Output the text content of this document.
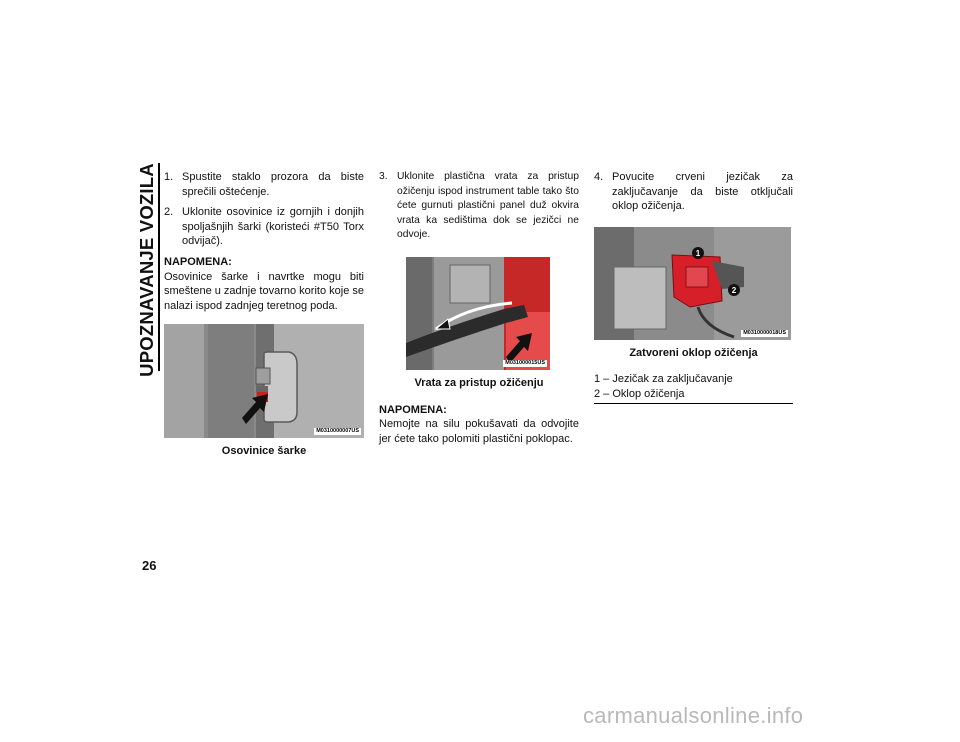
UPOZNAVANJE VOZILA
26
1. Spustite staklo prozora da biste sprečili oštećenje.
2. Uklonite osovinice iz gornjih i donjih spoljašnjih šarki (koristeći #T50 Torx odvijač).
NAPOMENA:
Osovinice šarke i navrtke mogu biti smeštene u zadnje tovarno korito koje se nalazi ispod zadnjeg teretnog poda.
M0310000007US
Osovinice šarke
3. Uklonite plastična vrata za pristup ožičenju ispod instrument table tako što ćete gurnuti plastični panel duž okvira vrata ka sedištima dok se jezičci ne odvoje.
M031000015US
Vrata za pristup ožičenju
NAPOMENA:
Nemojte na silu pokušavati da odvojite jer ćete tako polomiti plastični poklopac.
4. Povucite crveni jezičak za zaključavanje da biste otključali oklop ožičenja.
1
2
M0310000018US
Zatvoreni oklop ožičenja
1 – Jezičak za zaključavanje
2 – Oklop ožičenja
carmanualsonline.info
